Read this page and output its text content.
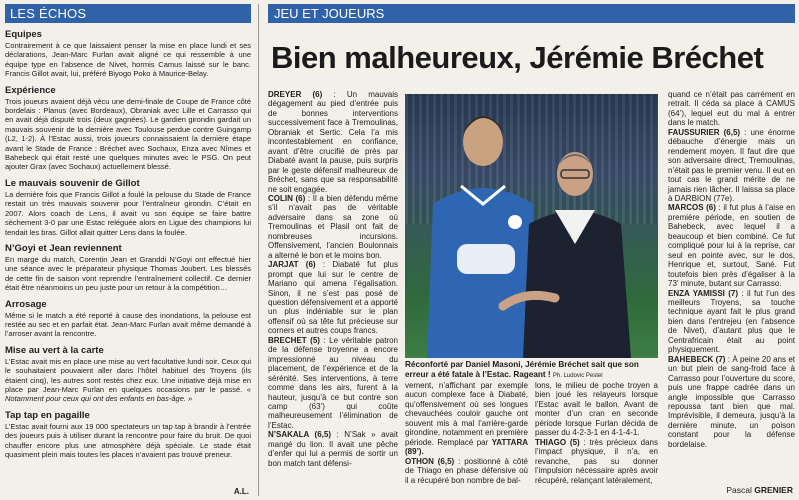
LES ÉCHOS
Equipes

Contrairement à ce que laissaient penser la mise en place lundi et ses déclarations, Jean-Marc Furlan avait aligné ce qui ressemble à une équipe type en l’absence de Nivet, hormis Camus laissé sur le banc. Francis Gillot avait, lui, préféré Biyogo Poko à Maurice-Belay.

Expérience

Trois joueurs avaient déjà vécu une demi-finale de Coupe de France côté bordelais : Planus (avec Bordeaux), Obraniak avec Lille et Carrasso qui en avait déjà disputé trois (deux gagnées). Le gardien girondin gardait un mauvais souvenir de la dernière avec Toulouse perdue contre Guingamp (L2, 1-2). À l’Estac aussi, trois joueurs connaissaient la dernière étape avant le Stade de France : Bréchet avec Sochaux, Enza avec Nîmes et Bahebeck qui était resté une quelques minutes avec le PSG. On peut ajouter Grax (avec Sochaux) actuellement blessé.

Le mauvais souvenir de Gillot

La dernière fois que Francis Gillot a foulé la pelouse du Stade de France restait un très mauvais souvenir pour l’entraîneur girondin. C’était en 2007. Alors coach de Lens, il avait vu son équipe se faire battre sèchement 3-0 par une Estac reléguée alors en Ligue des champions lui tendait les bras. Gillot allait quitter Lens dans la foulée.

N’Goyi et Jean reviennent

En marge du match, Corentin Jean et Granddi N’Goyi ont effectué hier une séance avec le préparateur physique Thomas Joubert. Les blessés de cette fin de saison vont reprendre l’entraînement collectif. Ce dernier était être néanmoins un peu juste pour un retour à la compétition…

Arrosage

Même si le match a été reporté à cause des inondations, la pelouse est restée au sec et en parfait état. Jean-Marc Furlan avait même demandé à l’arroser avant la rencontre.

Mise au vert à la carte

L’Estac avait mis en place une mise au vert facultative lundi soir. Ceux qui le souhaitaient pouvaient aller dans l’hôtel habituel des Troyens (ils étaient cinq), les autres sont restés chez eux. Une initiative déjà mise en place par Jean-Marc Furlan en quelques occasions par le passé. « Notamment pour ceux qui ont des enfants en bas-âge. »

Tap tap en pagaille

L’Estac avait fourni aux 19 000 spectateurs un tap tap à brandir à l’entrée des joueurs puis à utiliser durant la rencontre pour faire du bruit. De quoi chauffer encore plus une atmosphère déjà spéciale. Le stade était quasiment plein mais toutes les places n’avaient pas trouvé preneur.

A.L.
JEU ET JOUEURS
Bien malheureux, Jérémie Bréchet

DREYER (6) : Un mauvais dégagement au pied d’entrée puis de bonnes interventions successivement face à Tremoulinas, Obraniak et Sertic. Cela l’a mis incontestablement en confiance, avant d’être crucifié de près par Diabaté avant la pause, puis surpris par le geste défensif malheureux de Bréchet, sans que sa responsabilité ne soit engagée.

COLIN (6) : Il a bien défendu même s’il n’avait pas de véritable adversaire dans sa zone où Tremoulinas et Plasil ont fait de nombreuses incursions. Offensivement, l’ancien Boulonnais a alterné le bon et le moins bon.

JARJAT (6) : Diabaté fut plus prompt que lui sur le centre de Mariano qui amena l’égalisation. Sinon, il ne s’est pas posé de question défensivement et a apporté un plus indéniable sur le plan offensif où sa tête fut précieuse sur corners et autres coups francs.

BRECHET (5) : Le véritable patron de la défense troyenne a encore impressionné au niveau du placement, de l’expérience et de la sérénité. Ses interventions, à terre comme dans les airs, furent à la hauteur, jusqu’à ce but contre son camp (63’) qui coûte malheureusement l’élimination de l’Estac.

N’SAKALA (6,5) : N’Sak » avait mangé du lion. Il avait une pêche d’enfer qui lui a permis de sortir un bon match tant défensi-

Réconforté par Daniel Masoni, Jérémie Bréchet sait que son erreur a été fatale à l’Estac. Rageant ! Ph. Ludovic Pestel

vement, n’affichant par exemple aucun complexe face à Diabaté, qu’offensivement où ses longues chevauchées couloir gauche ont souvent mis à mal l’arrière-garde girondine, notamment en première période. Remplacé par YATTARA (89’).

OTHON (6,5) : positionné à côté de Thiago en phase défensive où il a récupéré bon nombre de bal-

lons, le milieu de poche troyen a bien joué les relayeurs lorsque l’Estac avait le ballon. Avant de monter d’un cran en seconde période lorsque Furlan décida de passer du 4-2-3-1 en 4-1-4-1.

THIAGO (5) : très précieux dans l’impact physique, il n’a, en revanche, pas su donner l’impulsion nécessaire après avoir récupéré, relançant latéralement,

quand ce n’était pas carrément en retrait. Il céda sa place à CAMUS (64’), lequel eut du mal à entrer dans le match.

FAUSSURIER (6,5) : une énorme débauche d’énergie mais un rendement moyen. Il faut dire que son adversaire direct, Tremoulinas, n’était pas le premier venu. Il eut en tout cas le grand mérite de ne jamais rien lâcher. Il laissa sa place à DARBION (77e).

MARCOS (6) : il fut plus à l’aise en première période, en soutien de Bahebeck, avec lequel il a beaucoup et bien combiné. Ce fut compliqué pour lui à la reprise, car seul en pointe avec, sur le dos, Henrique et, surtout, Sané. Fut toutefois bien près d’égaliser à la 73’ minute, butant sur Carrasso.

ENZA YAMISSI (7) : il fut l’un des meilleurs Troyens, sa touche technique ayant fait le plus grand bien dans l’entrejeu (en l’absence de Nivet), d’autant plus que le Centrafricain était au point physiquement.

BAHEBECK (7) : À peine 20 ans et un but plein de sang-froid face à Carrasso pour l’ouverture du score, puis une frappe cadrée dans un angle impossible que Carrasso repoussa tant bien que mal. Imprévisible, il demeura, jusqu’à la dernière minute, un poison constant pour la défense bordelaise.

Pascal GRENIER
